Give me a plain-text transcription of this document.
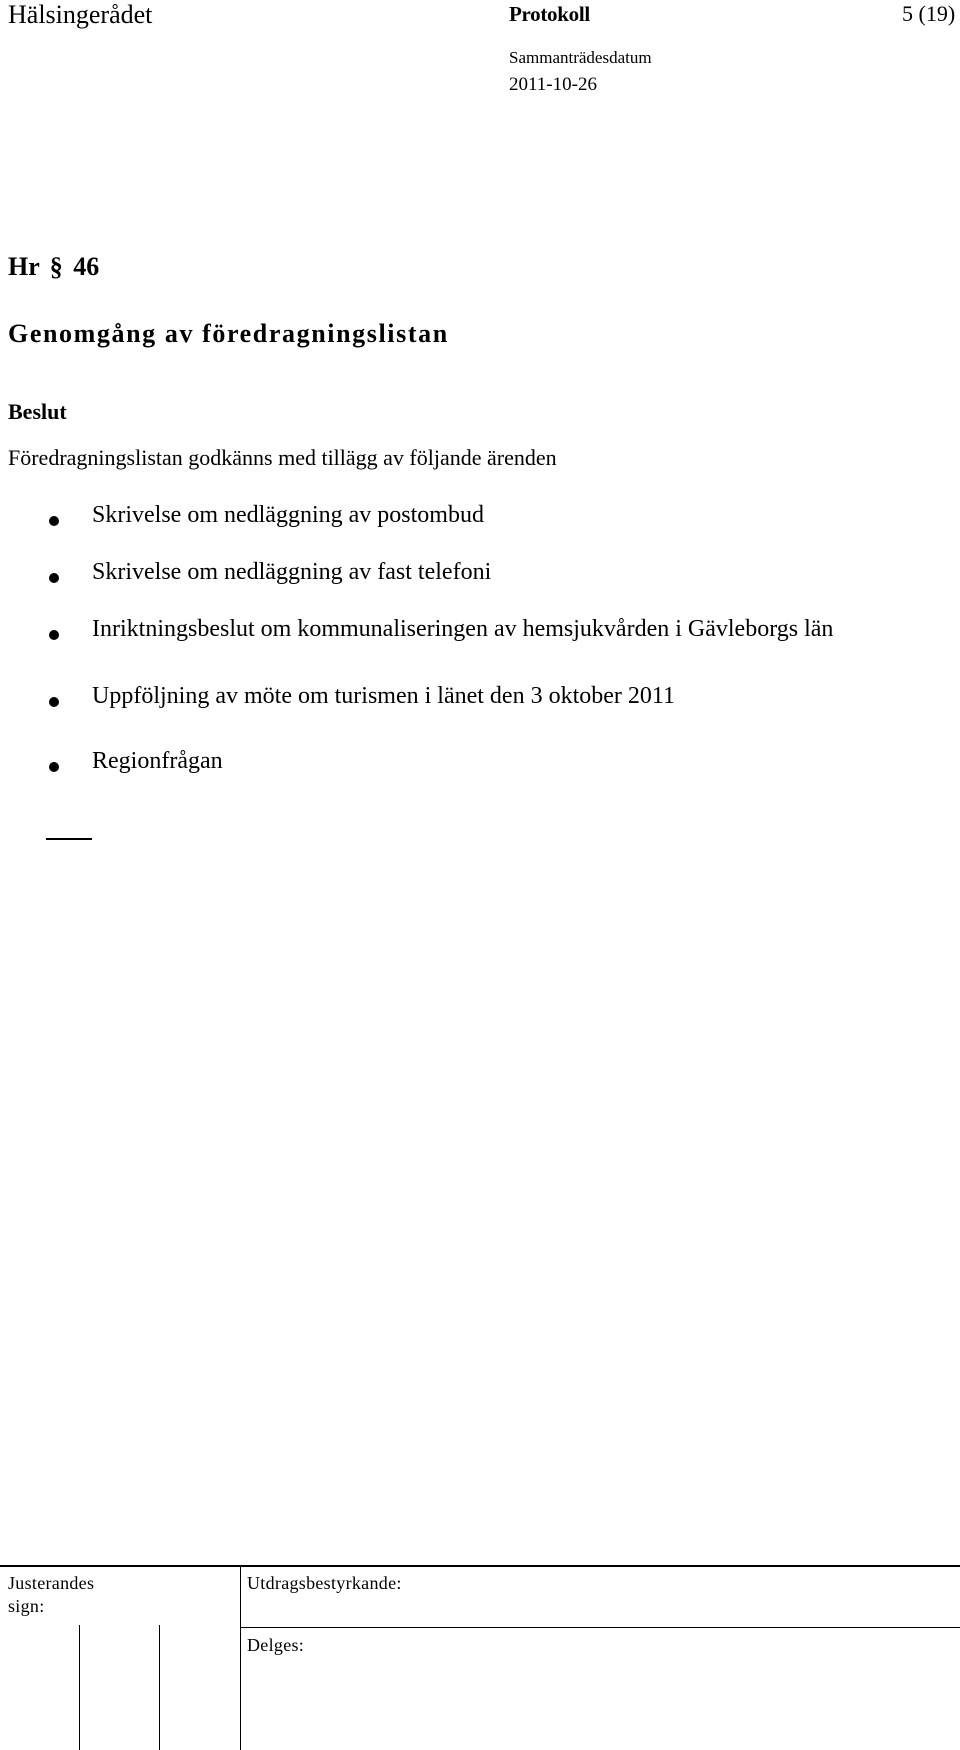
Hälsingerådet	Protokoll	5 (19)
Sammanträdesdatum
2011-10-26
Hr § 46
Genomgång av föredragningslistan
Beslut
Föredragningslistan godkänns med tillägg av följande ärenden
Skrivelse om nedläggning av postombud
Skrivelse om nedläggning av fast telefoni
Inriktningsbeslut om kommunaliseringen av hemsjukvården i Gävleborgs län
Uppföljning av möte om turismen i länet den 3 oktober 2011
Regionfrågan
Justerandes
sign:
Utdragsbestyrkande:
Delges:
